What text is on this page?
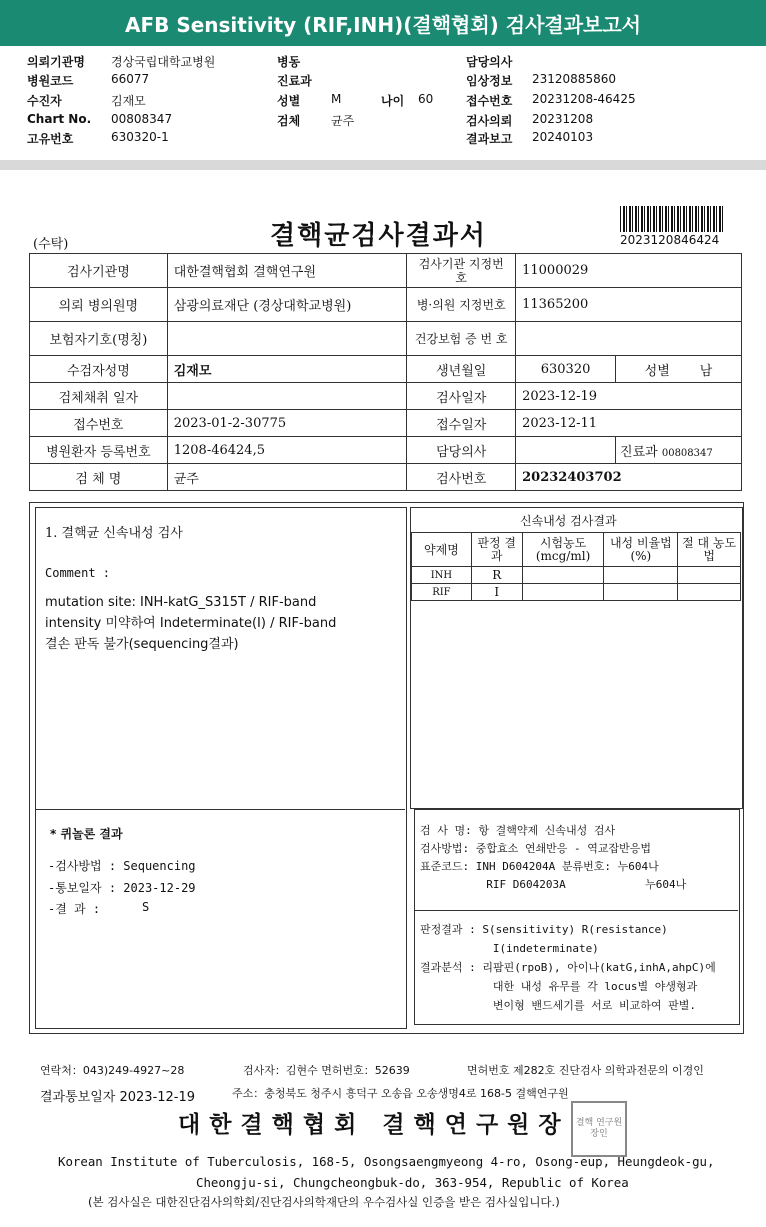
AFB Sensitivity (RIF,INH)(결핵협회) 검사결과보고서
의뢰기관명 경상국립대학교병원
병원코드	66077
수진자	김재모
Chart No. 00808347
고유번호	630320-1
병동
진료과
성별	M
검체	균주
나이 60
담당의사
임상정보 23120885860
접수번호 20231208-46425
검사의뢰 20231208
결과보고 20240103
(수탁)	결핵균검사결과서	2023120846424
검사기관명	대한결핵협회 결핵연구원	검사기관 지정번호	11000029	
의뢰 병의원명	삼광의료재단 (경상대학교병원)	병·의원 지정번호	11365200	
보험자기호(명칭)		건강보험 증 번 호		
수검자성명	김재모	생년월일	630320	성별 남
검체채취 일자		검사일자	2023-12-19	
접수번호	2023-01-2-30775	접수일자	2023-12-11	
병원환자 등록번호	1208-46424,5	담당의사		진료과 00808347
검 체 명	균주	검사번호	20232403702	
1. 결핵균 신속내성 검사
Comment :
mutation site: INH-katG_S315T / RIF-band
intensity 미약하여 Indeterminate(I) / RIF-band
결손 판독 불가(sequencing결과)
* 퀴놀론 결과
-검사방법 : Sequencing
-통보일자 : 2023-12-29
-결 과 :	S
신속내성 검사결과
약제명	판정 결과	시험농도 (mcg/ml)	내성 비율법(%)	절 대 농도법
INH	R			
RIF	I			
검 사 명: 항 결핵약제 신속내성 검사
검사방법: 중합효소 연쇄반응 - 역교잡반응법
표준코드: INH D604204A 분류번호: 누604나
RIF D604203A            누604나
판정결과 : S(sensitivity) R(resistance)
I(indeterminate)
결과분석 : 리팜핀(rpoB), 아이나(katG,inhA,ahpC)에
대한 내성 유무를 각 locus별 야생형과
변이형 밴드세기를 서로 비교하여 판별.
연락처：043)249-4927~28	검사자：김현수 면허번호：52639	면허번호 제282호 진단검사 의학과전문의 이경인
결과통보일자 2023-12-19	주소：충청북도 청주시 흥덕구 오송읍 오송생명4로 168-5 결핵연구원
대한결핵협회 결핵연구원장 결핵 연구원 장인
Korean Institute of Tuberculosis, 168-5, Osongsaengmyeong 4-ro, Osong-eup, Heungdeok-gu,
Cheongju-si, Chungcheongbuk-do, 363-954, Republic of Korea
(본 검사실은 대한진단검사의학회/진단검사의학재단의 우수검사실 인증을 받은 검사실입니다.)
